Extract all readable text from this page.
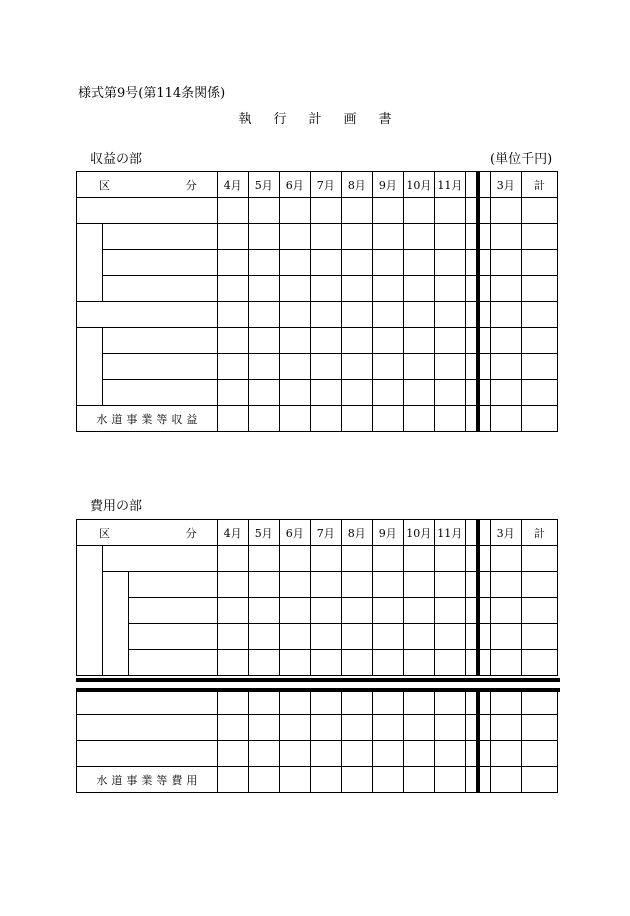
様式第9号(第114条関係)
執 行 計 画 書
収益の部	(単位千円)
区 分		4月	5月	6月	7月	8月	9月	10月	11月			3月	計

水 道 事 業 等 収 益													
費用の部
区 分			4月	5月	6月	7月	8月	9月	10月	11月			3月	計

水 道 事 業 等 費 用														
